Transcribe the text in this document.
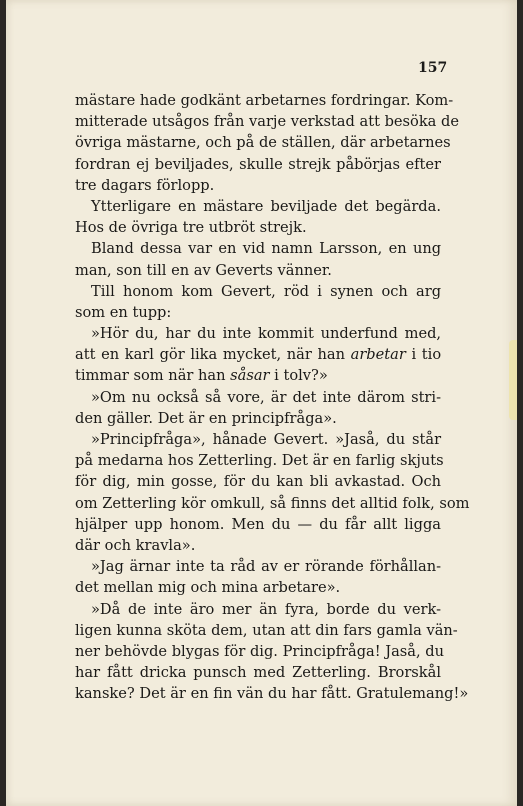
157
mästare hade godkänt arbetarnes fordringar. Kom-
mitterade utsågos från varje verkstad att besöka de
övriga mästarne, och på de ställen, där arbetarnes
fordran ej beviljades, skulle strejk påbörjas efter
tre dagars förlopp.
Ytterligare en mästare beviljade det begärda.
Hos de övriga tre utbröt strejk.
Bland dessa var en vid namn Larsson, en ung
man, son till en av Geverts vänner.
Till honom kom Gevert, röd i synen och arg
som en tupp:
»Hör du, har du inte kommit underfund med,
att en karl gör lika mycket, när han arbetar i tio
timmar som när han såsar i tolv?»
»Om nu också så vore, är det inte därom stri-
den gäller. Det är en principfråga».
»Principfråga», hånade Gevert. »Jaså, du står
på medarna hos Zetterling. Det är en farlig skjuts
för dig, min gosse, för du kan bli avkastad. Och
om Zetterling kör omkull, så finns det alltid folk, som
hjälper upp honom. Men du — du får allt ligga
där och kravla».
»Jag ärnar inte ta råd av er rörande förhållan-
det mellan mig och mina arbetare».
»Då de inte äro mer än fyra, borde du verk-
ligen kunna sköta dem, utan att din fars gamla vän-
ner behövde blygas för dig. Principfråga! Jaså, du
har fått dricka punsch med Zetterling. Brorskål
kanske? Det är en fin vän du har fått. Gratulemang!»
